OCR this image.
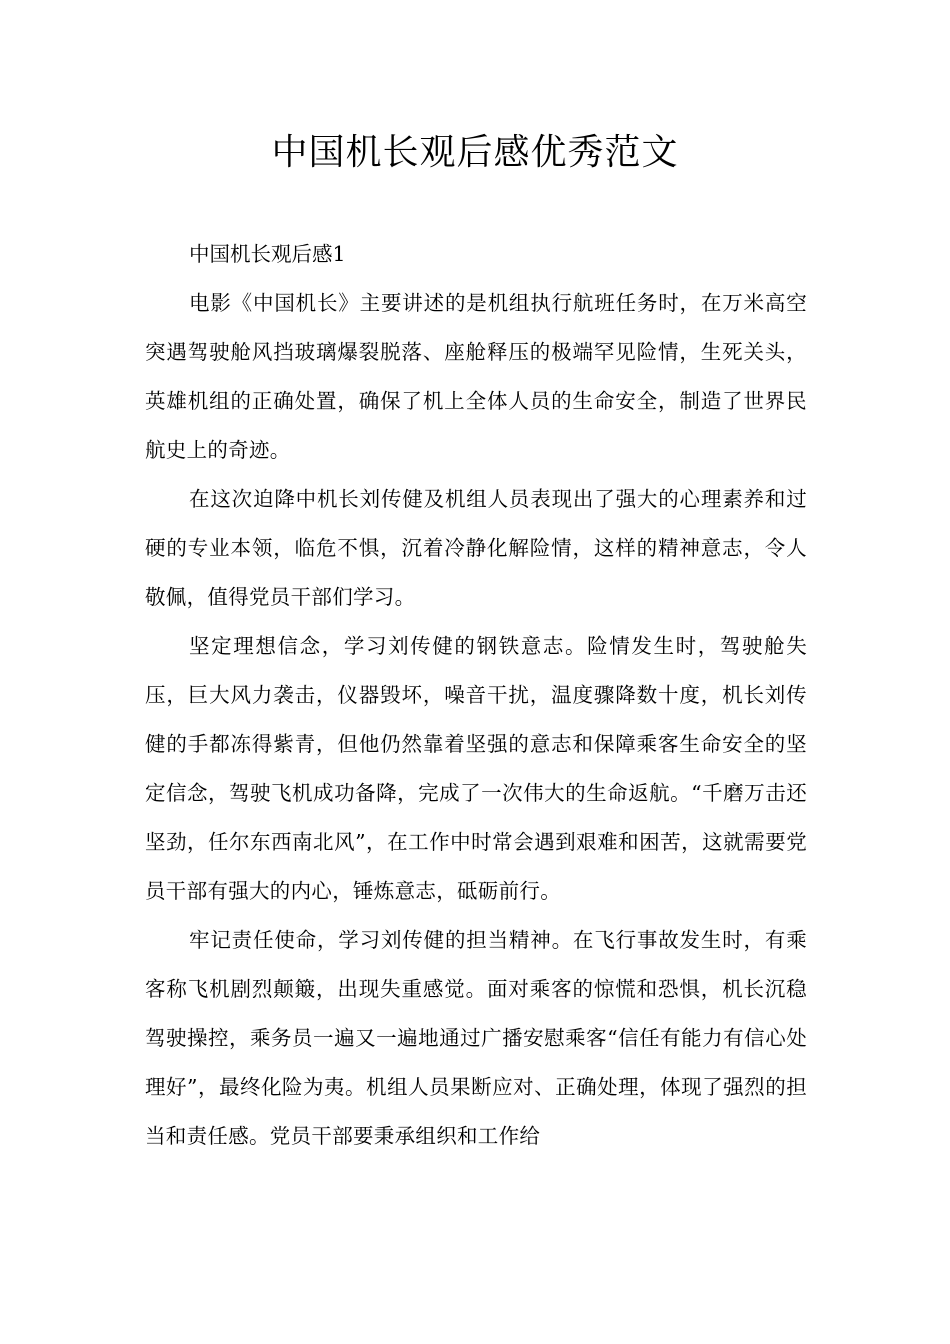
中国机长观后感优秀范文

中国机长观后感1

电影《中国机长》主要讲述的是机组执行航班任务时，在万米高空突遇驾驶舱风挡玻璃爆裂脱落、座舱释压的极端罕见险情，生死关头，英雄机组的正确处置，确保了机上全体人员的生命安全，制造了世界民航史上的奇迹。

在这次迫降中机长刘传健及机组人员表现出了强大的心理素养和过硬的专业本领，临危不惧，沉着冷静化解险情，这样的精神意志，令人敬佩，值得党员干部们学习。

坚定理想信念，学习刘传健的钢铁意志。险情发生时，驾驶舱失压，巨大风力袭击，仪器毁坏，噪音干扰，温度骤降数十度，机长刘传健的手都冻得紫青，但他仍然靠着坚强的意志和保障乘客生命安全的坚定信念，驾驶飞机成功备降，完成了一次伟大的生命返航。“千磨万击还坚劲，任尔东西南北风”，在工作中时常会遇到艰难和困苦，这就需要党员干部有强大的内心，锤炼意志，砥砺前行。

牢记责任使命，学习刘传健的担当精神。在飞行事故发生时，有乘客称飞机剧烈颠簸，出现失重感觉。面对乘客的惊慌和恐惧，机长沉稳驾驶操控，乘务员一遍又一遍地通过广播安慰乘客“信任有能力有信心处理好”，最终化险为夷。机组人员果断应对、正确处理，体现了强烈的担当和责任感。党员干部要秉承组织和工作给
